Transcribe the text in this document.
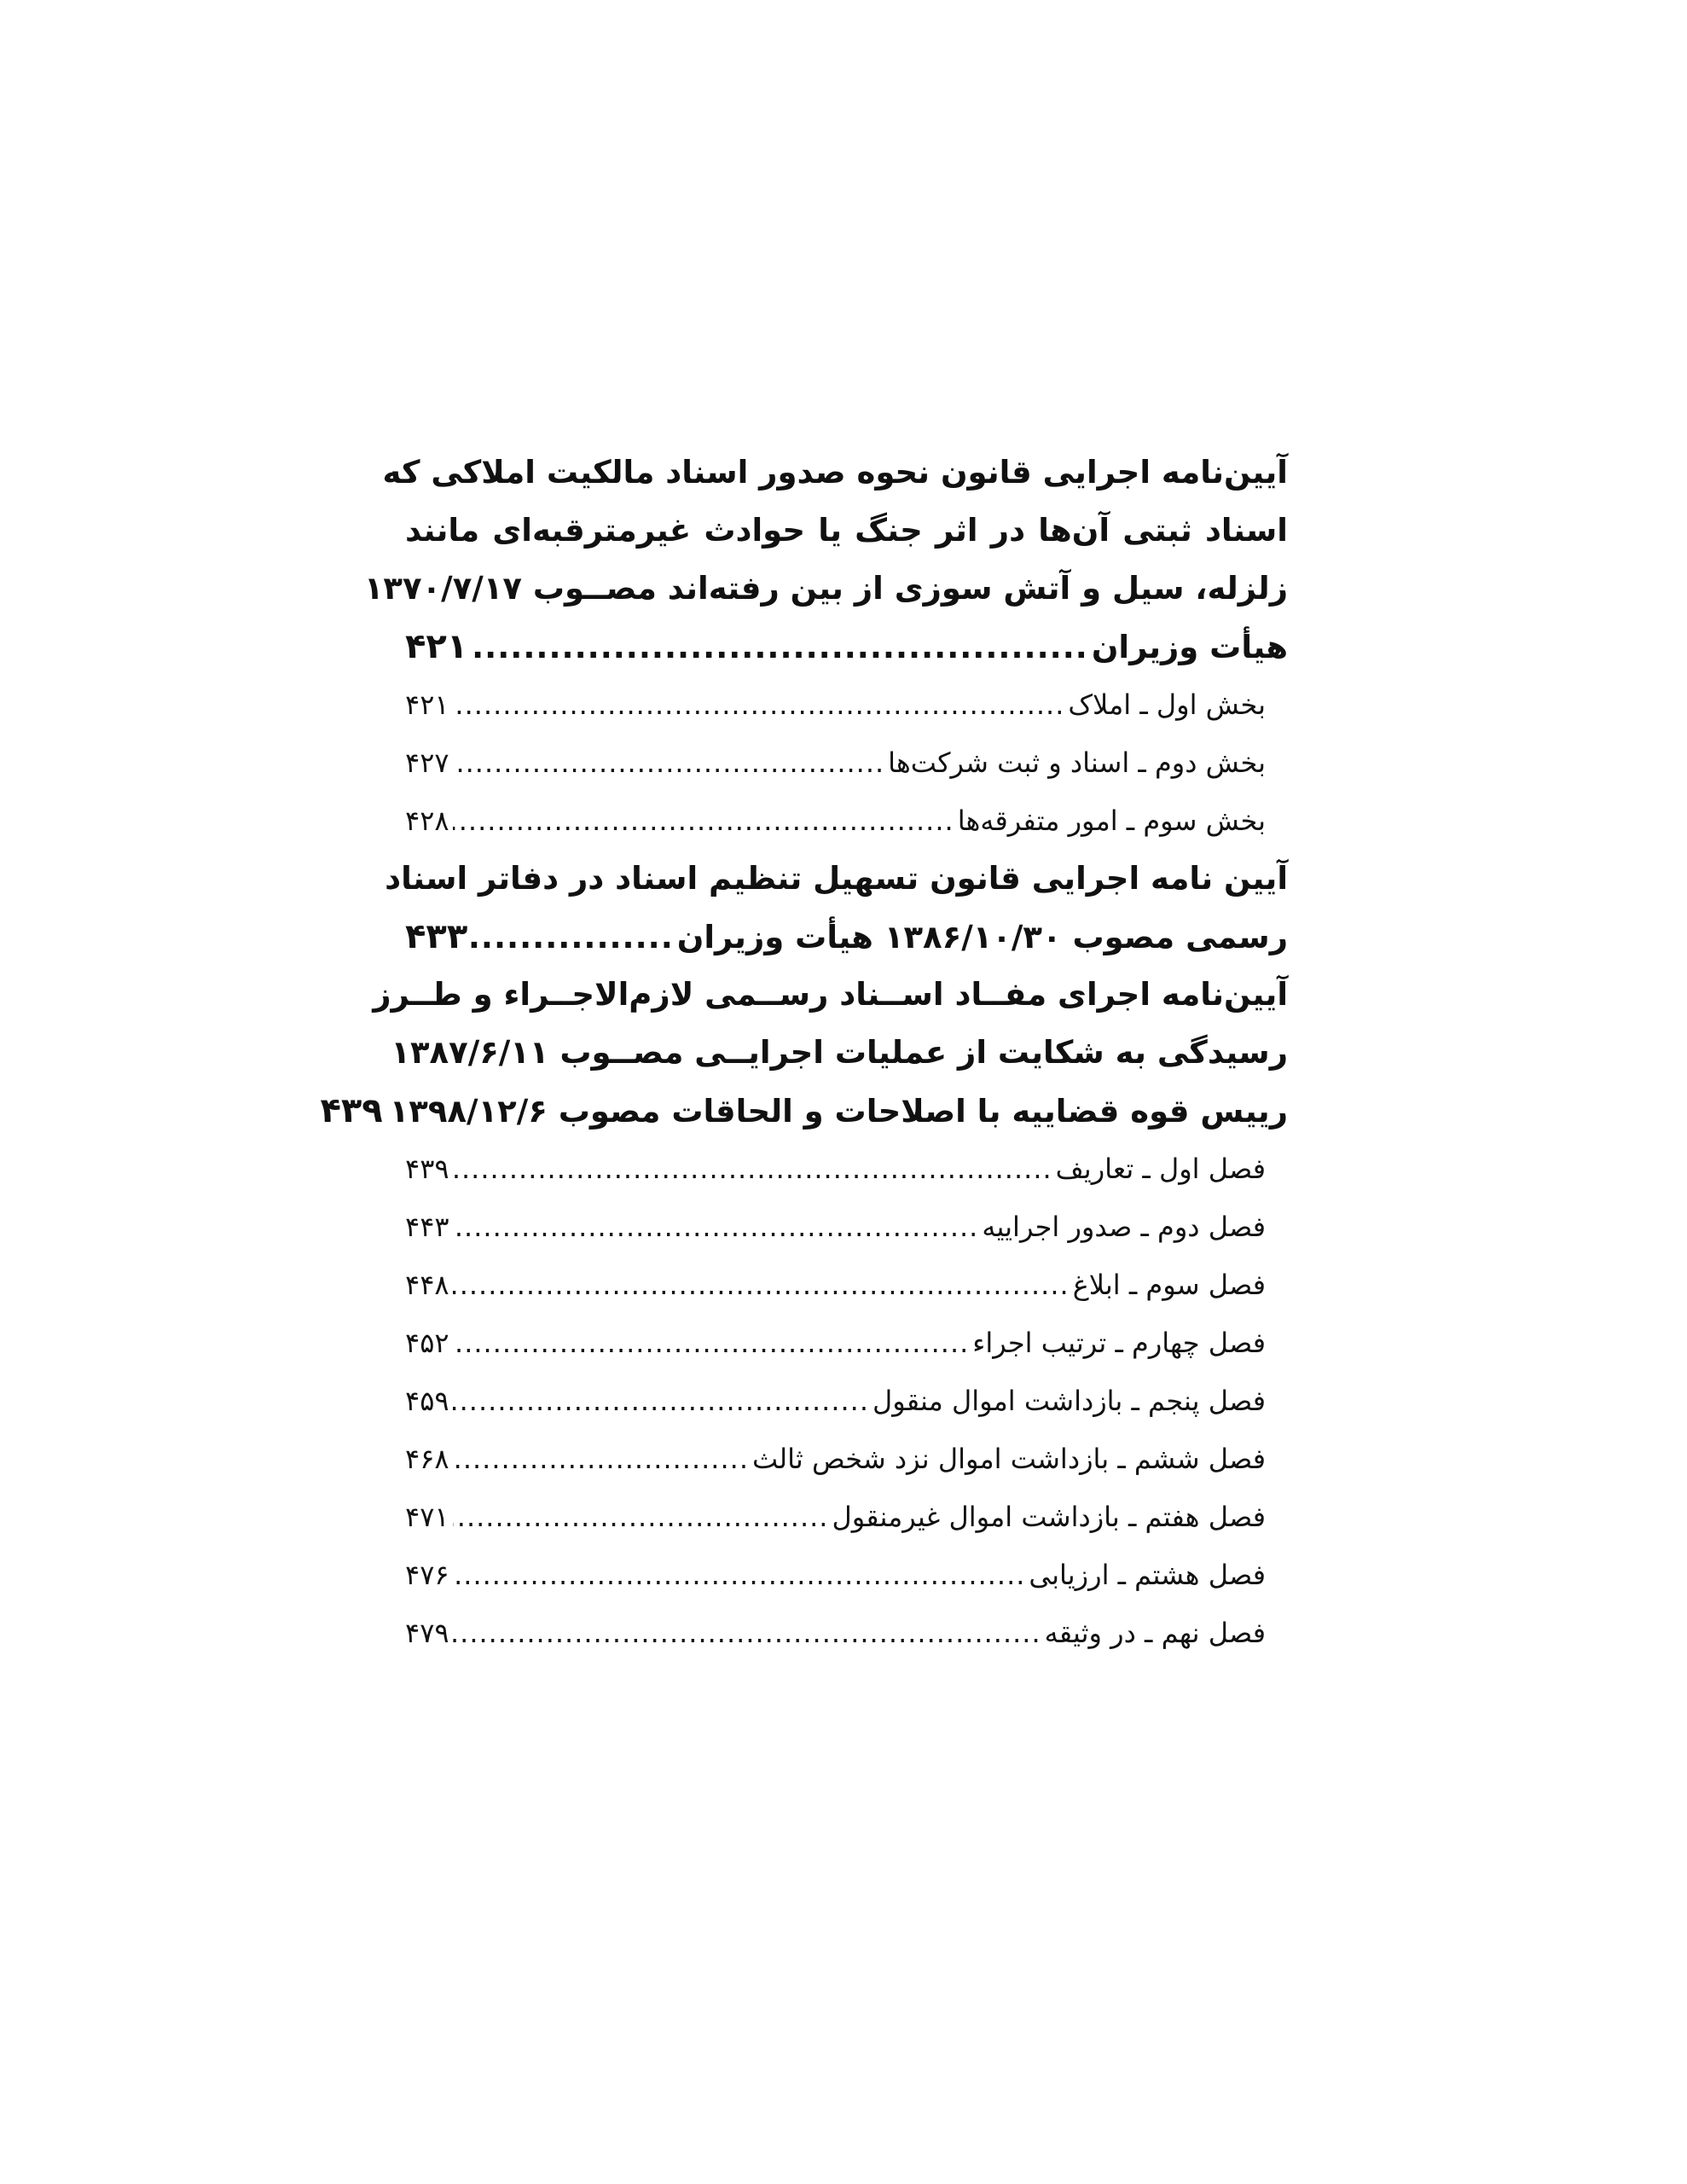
آیین‌نامه اجرایی قانون نحوه صدور اسناد مالکیت املاکی که
اسناد ثبتی آن‌ها در اثر جنگ یا حوادث غیرمترقبه‌ای مانند
زلزله، سیل و آتش سوزی از بین رفته‌اند مصــوب ۱۳۷۰/۷/۱۷
هیأت وزیران
.....
۴۲۱
بخش اول ـ املاک
.....
۴۲۱
بخش دوم ـ اسناد و ثبت شرکت‌ها
.....
۴۲۷
بخش سوم ـ امور متفرقه‌ها
.....
۴۲۸
آیین نامه اجرایی قانون تسهیل تنظیم اسناد در دفاتر اسناد
رسمی مصوب ۱۳۸۶/۱۰/۳۰ هیأت وزیران
.....
۴۳۳
آیین‌نامه اجرای مفــاد اســناد رســمی لازم‌الاجــراء و طــرز
رسیدگی به شکایت از عملیات اجرایــی مصــوب ۱۳۸۷/۶/۱۱
رییس قوه قضاییه با اصلاحات و الحاقات مصوب ۱۳۹۸/۱۲/۶
۴۳۹
فصل اول ـ تعاریف
.....
۴۳۹
فصل دوم ـ صدور اجراییه
.....
۴۴۳
فصل سوم ـ ابلاغ
.....
۴۴۸
فصل چهارم ـ ترتیب اجراء
.....
۴۵۲
فصل پنجم ـ بازداشت اموال منقول
.....
۴۵۹
فصل ششم ـ بازداشت اموال نزد شخص ثالث
.....
۴۶۸
فصل هفتم ـ بازداشت اموال غیرمنقول
.....
۴۷۱
فصل هشتم ـ ارزیابی
.....
۴۷۶
فصل نهم ـ در وثیقه
.....
۴۷۹
